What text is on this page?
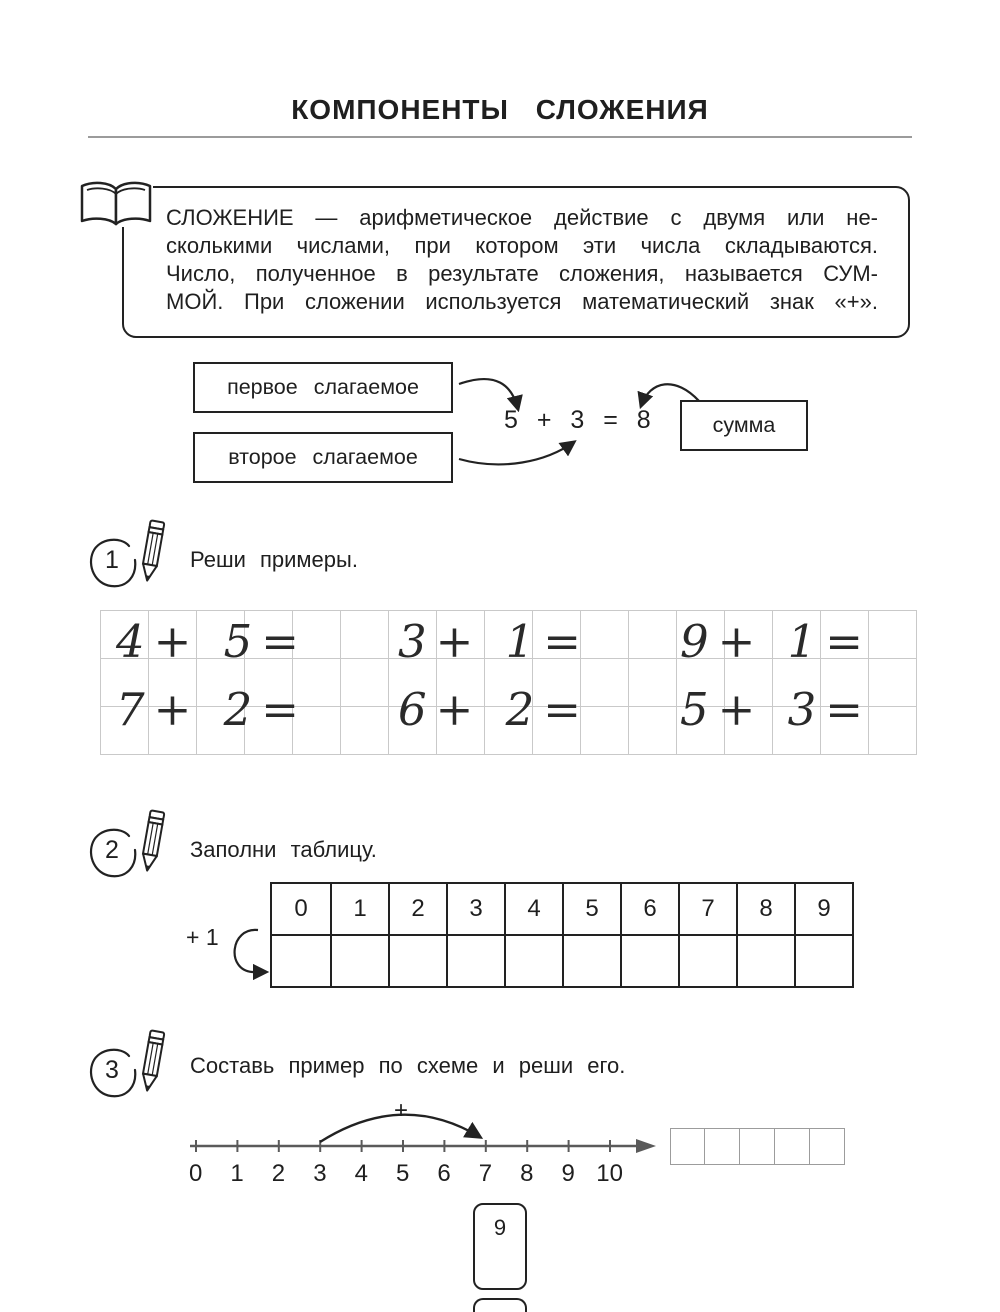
КОМПОНЕНТЫ СЛОЖЕНИЯ
СЛОЖЕНИЕ — арифметическое действие с двумя или не-
сколькими числами, при котором эти числа складываются.
Число, полученное в результате сложения, называется СУМ-
МОЙ. При сложении используется математический знак «+».
первое слагаемое
второе слагаемое
5 + 3 = 8	сумма
1	Реши примеры.
4+ 5= 3+ 1= 9+ 1=
7+ 2= 6+ 2= 5+ 3=
2	Заполни таблицу.
+ 1
0	1	2	3	4	5	6	7	8	9
3	Составь пример по схеме и реши его.
+
0	1	2	3	4	5	6	7	8	9 10
9
